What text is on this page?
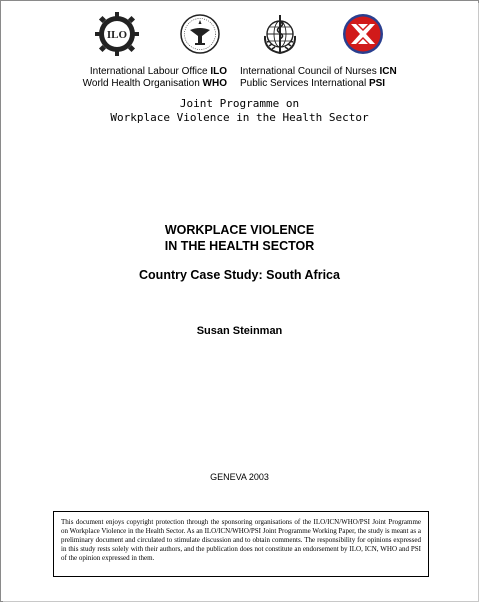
ILO
International Labour Office ILO
World Health Organisation WHO
International Council of Nurses ICN
Public Services International PSI
Joint Programme on
Workplace Violence in the Health Sector
WORKPLACE VIOLENCE
IN THE HEALTH SECTOR
Country Case Study: South Africa
Susan Steinman
GENEVA 2003
This document enjoys copyright protection through the sponsoring organisations of the ILO/ICN/WHO/PSI Joint Programme on Workplace Violence in the Health Sector. As an ILO/ICN/WHO/PSI Joint Programme Working Paper, the study is meant as a preliminary document and circulated to stimulate discussion and to obtain comments. The responsibility for opinions expressed in this study rests solely with their authors, and the publication does not constitute an endorsement by ILO, ICN, WHO and PSI of the opinion expressed in them.
